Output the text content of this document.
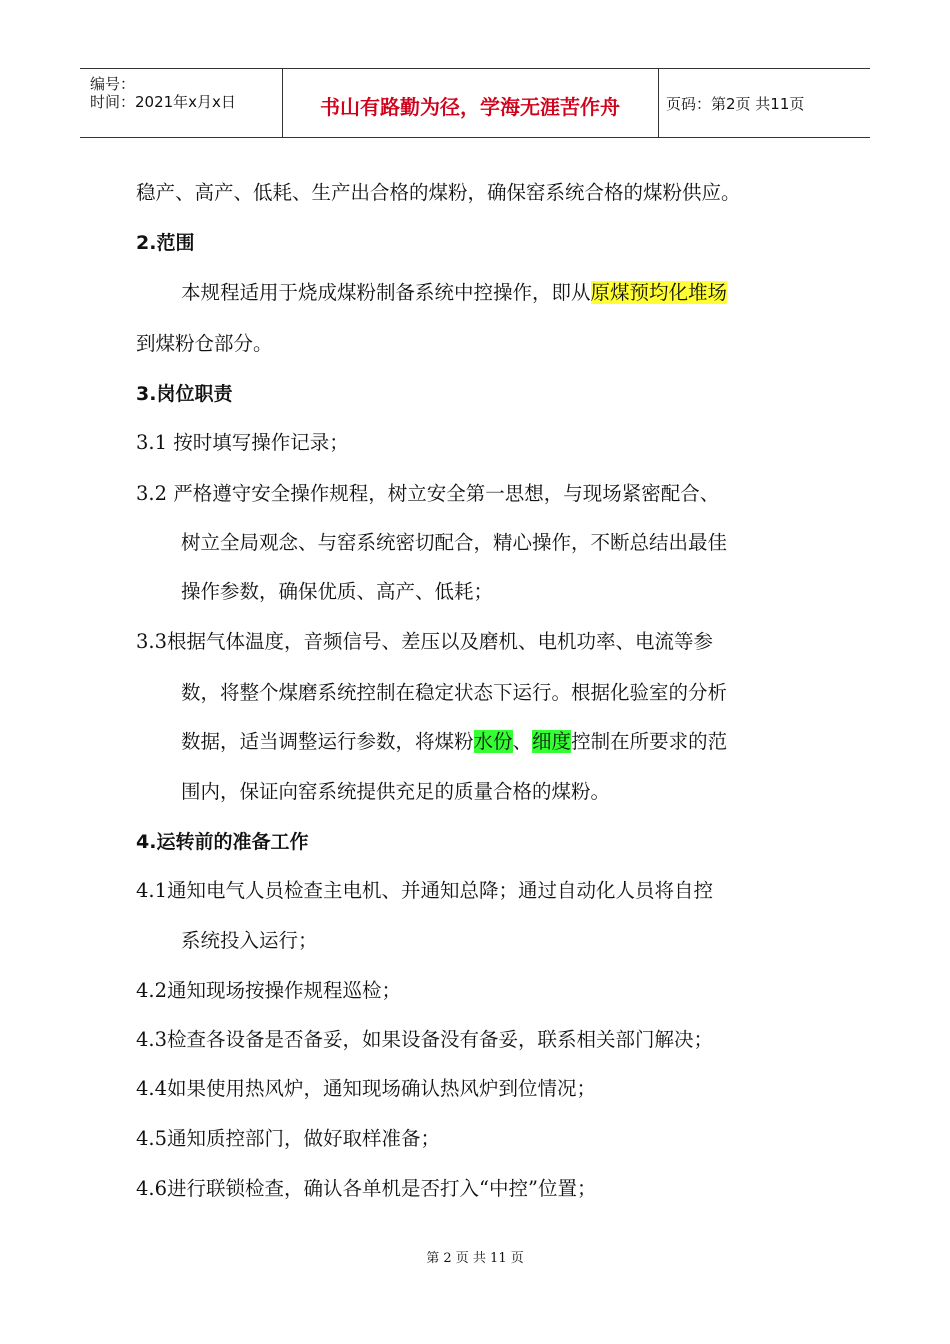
编号：
时间：2021年x月x日	书山有路勤为径，学海无涯苦作舟	页码：第2页 共11页
稳产、高产、低耗、生产出合格的煤粉，确保窑系统合格的煤粉供应。
2.范围
本规程适用于烧成煤粉制备系统中控操作，即从原煤预均化堆场
到煤粉仓部分。
3.岗位职责
3.1 按时填写操作记录；
3.2 严格遵守安全操作规程，树立安全第一思想，与现场紧密配合、
树立全局观念、与窑系统密切配合，精心操作，不断总结出最佳
操作参数，确保优质、高产、低耗；
3.3根据气体温度，音频信号、差压以及磨机、电机功率、电流等参
数，将整个煤磨系统控制在稳定状态下运行。根据化验室的分析
数据，适当调整运行参数，将煤粉水份、细度控制在所要求的范
围内，保证向窑系统提供充足的质量合格的煤粉。
4.运转前的准备工作
4.1通知电气人员检查主电机、并通知总降；通过自动化人员将自控
系统投入运行；
4.2通知现场按操作规程巡检；
4.3检查各设备是否备妥，如果设备没有备妥，联系相关部门解决；
4.4如果使用热风炉，通知现场确认热风炉到位情况；
4.5通知质控部门，做好取样准备；
4.6进行联锁检查，确认各单机是否打入“中控”位置；
第 2 页 共 11 页
